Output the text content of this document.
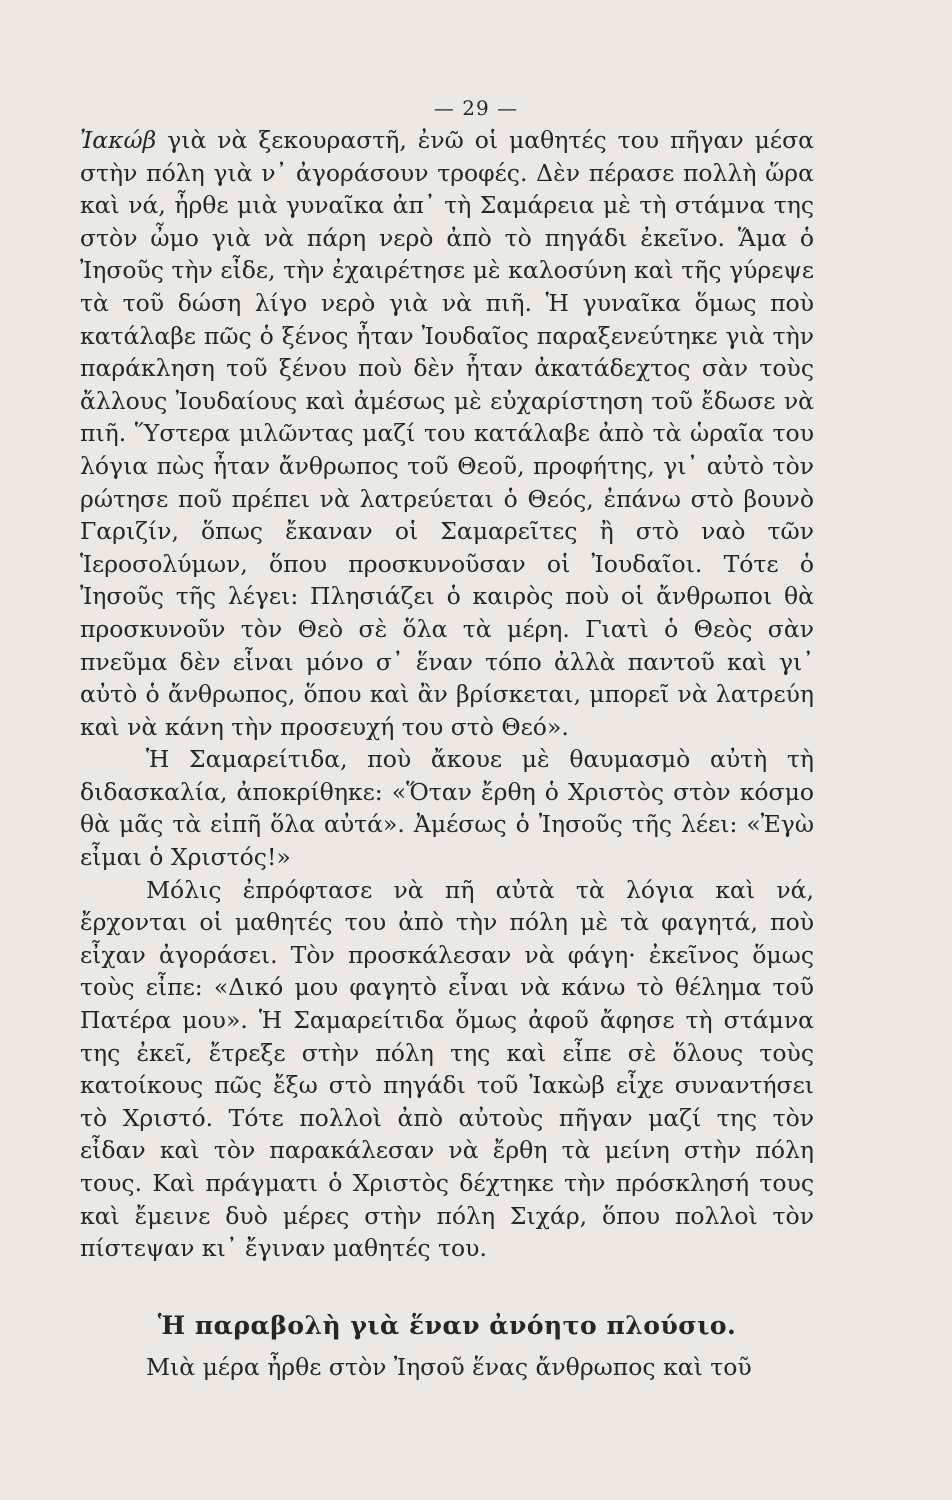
— 29 —

Ἰακώβ γιὰ νὰ ξεκουραστῆ, ἐνῶ οἱ μαθητές του πῆγαν μέσα στὴν πόλη γιὰ ν᾽ ἀγοράσουν τροφές. Δὲν πέρασε πολλὴ ὥρα καὶ νά, ἦρθε μιὰ γυναῖκα ἀπ᾽ τὴ Σαμάρεια μὲ τὴ στάμνα της στὸν ὦμο γιὰ νὰ πάρη νερὸ ἀπὸ τὸ πηγάδι ἐκεῖνο. Ἅμα ὁ Ἰησοῦς τὴν εἶδε, τὴν ἐχαιρέτησε μὲ καλοσύνη καὶ τῆς γύρεψε τὰ τοῦ δώση λίγο νερὸ γιὰ νὰ πιῆ. Ἡ γυναῖκα ὅμως ποὺ κατάλαβε πῶς ὁ ξένος ἦταν Ἰουδαῖος παραξενεύτηκε γιὰ τὴν παράκληση τοῦ ξένου ποὺ δὲν ἦταν ἀκατάδεχτος σὰν τοὺς ἄλλους Ἰουδαίους καὶ ἀμέσως μὲ εὐχαρίστηση τοῦ ἔδωσε νὰ πιῆ. Ὕστερα μιλῶντας μαζί του κατάλαβε ἀπὸ τὰ ὡραῖα του λόγια πὼς ἦταν ἄνθρωπος τοῦ Θεοῦ, προφήτης, γι᾽ αὐτὸ τὸν ρώτησε ποῦ πρέπει νὰ λατρεύεται ὁ Θεός, ἐπάνω στὸ βουνὸ Γαριζίν, ὅπως ἔκαναν οἱ Σαμαρεῖτες ἢ στὸ ναὸ τῶν Ἱεροσολύμων, ὅπου προσκυνοῦσαν οἱ Ἰουδαῖοι. Τότε ὁ Ἰησοῦς τῆς λέγει: Πλησιάζει ὁ καιρὸς ποὺ οἱ ἄνθρωποι θὰ προσκυνοῦν τὸν Θεὸ σὲ ὅλα τὰ μέρη. Γιατὶ ὁ Θεὸς σὰν πνεῦμα δὲν εἶναι μόνο σ᾽ ἕναν τόπο ἀλλὰ παντοῦ καὶ γι᾽ αὐτὸ ὁ ἄνθρωπος, ὅπου καὶ ἂν βρίσκεται, μπορεῖ νὰ λατρεύη καὶ νὰ κάνη τὴν προσευχή του στὸ Θεό».

Ἡ Σαμαρείτιδα, ποὺ ἄκουε μὲ θαυμασμὸ αὐτὴ τὴ διδασκαλία, ἀποκρίθηκε: «Ὅταν ἔρθη ὁ Χριστὸς στὸν κόσμο θὰ μᾶς τὰ εἰπῆ ὅλα αὐτά». Ἀμέσως ὁ Ἰησοῦς τῆς λέει: «Ἐγὼ εἶμαι ὁ Χριστός!»

Μόλις ἐπρόφτασε νὰ πῆ αὐτὰ τὰ λόγια καὶ νά, ἔρχονται οἱ μαθητές του ἀπὸ τὴν πόλη μὲ τὰ φαγητά, ποὺ εἶχαν ἀγοράσει. Τὸν προσκάλεσαν νὰ φάγη· ἐκεῖνος ὅμως τοὺς εἶπε: «Δικό μου φαγητὸ εἶναι νὰ κάνω τὸ θέλημα τοῦ Πατέρα μου». Ἡ Σαμαρείτιδα ὅμως ἀφοῦ ἄφησε τὴ στάμνα της ἐκεῖ, ἔτρεξε στὴν πόλη της καὶ εἶπε σὲ ὅλους τοὺς κατοίκους πῶς ἔξω στὸ πηγάδι τοῦ Ἰακὼβ εἶχε συναντήσει τὸ Χριστό. Τότε πολλοὶ ἀπὸ αὐτοὺς πῆγαν μαζί της τὸν εἶδαν καὶ τὸν παρακάλεσαν νὰ ἔρθη τὰ μείνη στὴν πόλη τους. Καὶ πράγματι ὁ Χριστὸς δέχτηκε τὴν πρόσκλησή τους καὶ ἔμεινε δυὸ μέρες στὴν πόλη Σιχάρ, ὅπου πολλοὶ τὸν πίστεψαν κι᾽ ἔγιναν μαθητές του.

Ἡ παραβολὴ γιὰ ἕναν ἀνόητο πλούσιο.

Μιὰ μέρα ἦρθε στὸν Ἰησοῦ ἕνας ἄνθρωπος καὶ τοῦ
